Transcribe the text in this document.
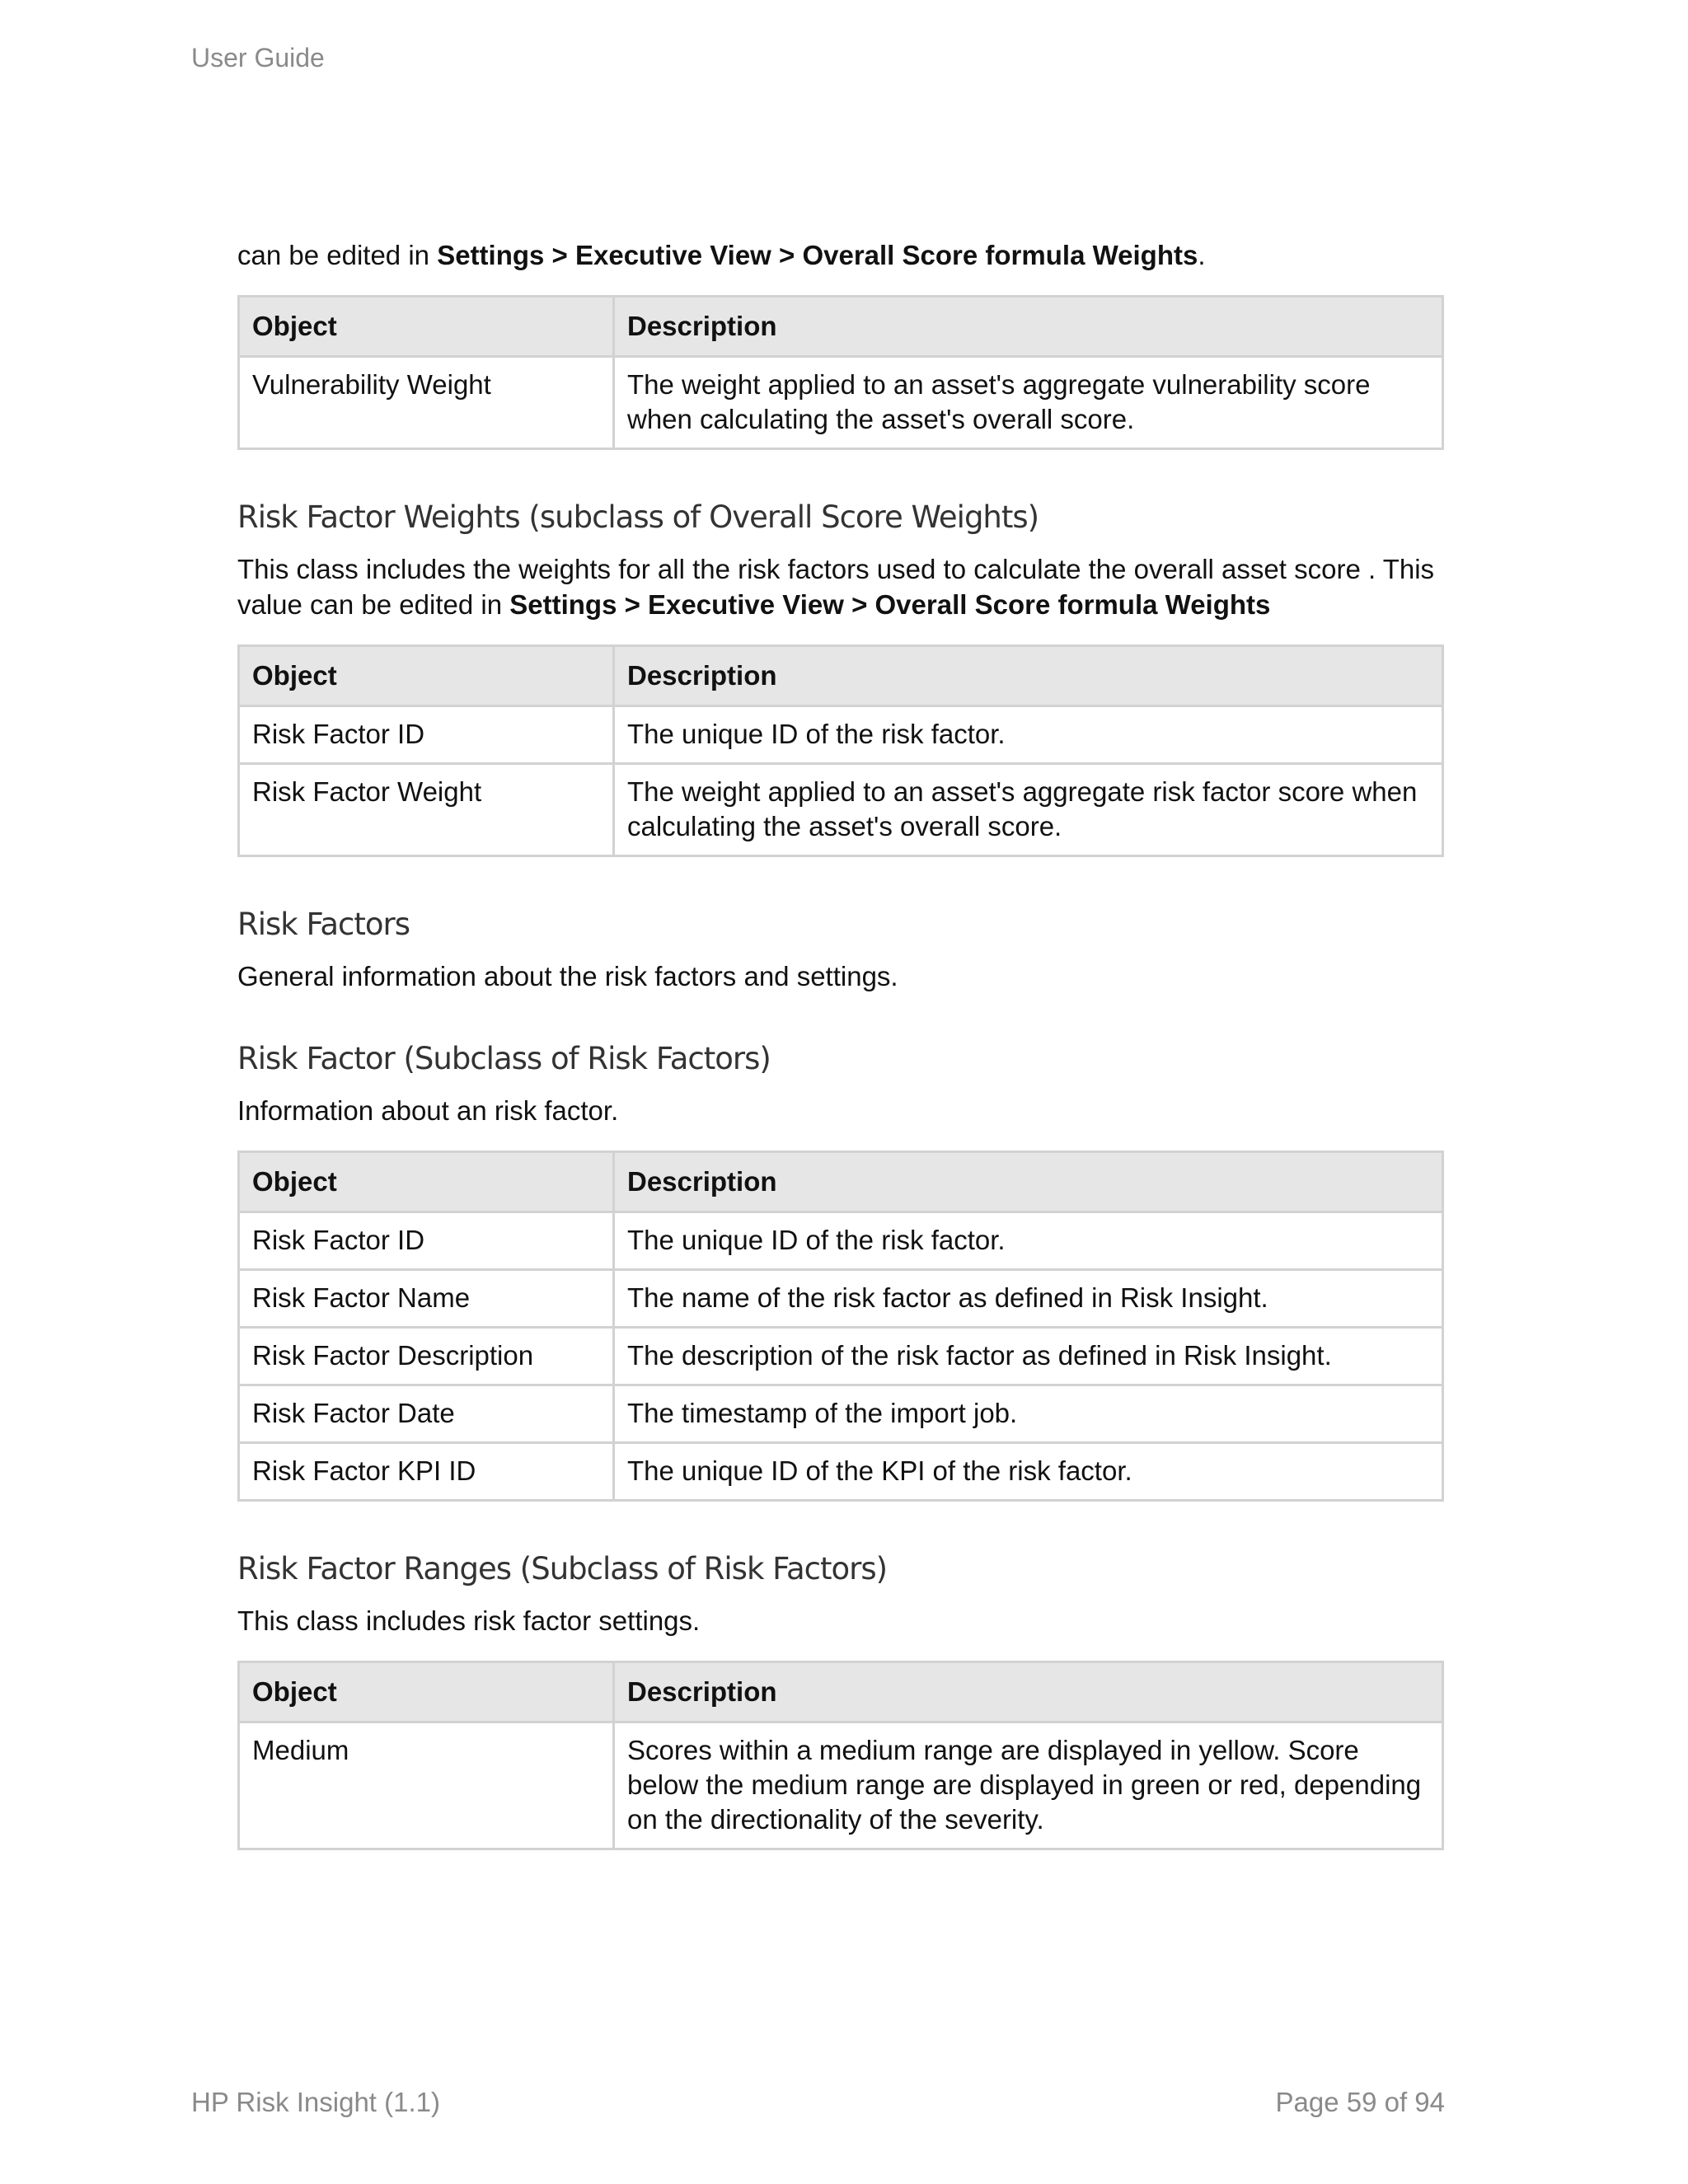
User Guide

can be edited in Settings > Executive View > Overall Score formula Weights.

Object	Description
Vulnerability Weight	The weight applied to an asset's aggregate vulnerability score when calculating the asset's overall score.
Risk Factor Weights (subclass of Overall Score Weights)

This class includes the weights for all the risk factors used to calculate the overall asset score . This value can be edited in Settings > Executive View > Overall Score formula Weights

Object	Description
Risk Factor ID	The unique ID of the risk factor.
Risk Factor Weight	The weight applied to an asset's aggregate risk factor score when calculating the asset's overall score.
Risk Factors

General information about the risk factors and settings.

Risk Factor (Subclass of Risk Factors)

Information about an risk factor.

Object	Description
Risk Factor ID	The unique ID of the risk factor.
Risk Factor Name	The name of the risk factor as defined in Risk Insight.
Risk Factor Description	The description of the risk factor as defined in Risk Insight.
Risk Factor Date	The timestamp of the import job.
Risk Factor KPI ID	The unique ID of the KPI of the risk factor.
Risk Factor Ranges (Subclass of Risk Factors)

This class includes risk factor settings.

Object	Description
Medium	Scores within a medium range are displayed in yellow. Score below the medium range are displayed in green or red, depending on the directionality of the severity.
HP Risk Insight (1.1)	Page 59 of 94
